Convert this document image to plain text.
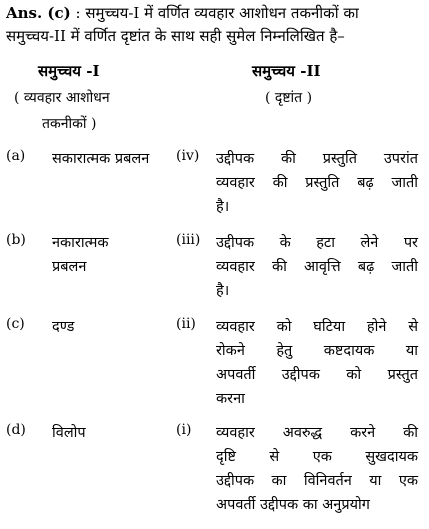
Ans. (c) : समुच्चय-I में वर्णित व्यवहार आशोधन तकनीकों का
समुच्चय-II में वर्णित दृष्टांत के साथ सही सुमेल निम्नलिखित है–
समुच्चय -I	समुच्चय -II
( व्यवहार आशोधन
तकनीकों )
( दृष्टांत )
(a) सकारात्मक प्रबलन (iv) उद्दीपक की प्रस्तुति उपरांत
व्यवहार की प्रस्तुति बढ़ जाती
है।
(b) नकारात्मक
प्रबलन
(iii) उद्दीपक के हटा लेने पर
व्यवहार की आवृत्ति बढ़ जाती
है।
(c) दण्ड	(ii) व्यवहार को घटिया होने से
रोकने हेतु कष्टदायक या
अपवर्ती उद्दीपक को प्रस्तुत
करना
(d) विलोप	(i) व्यवहार अवरुद्ध करने की
दृष्टि से एक सुखदायक
उद्दीपक का विनिवर्तन या एक
अपवर्ती उद्दीपक का अनुप्रयोग
